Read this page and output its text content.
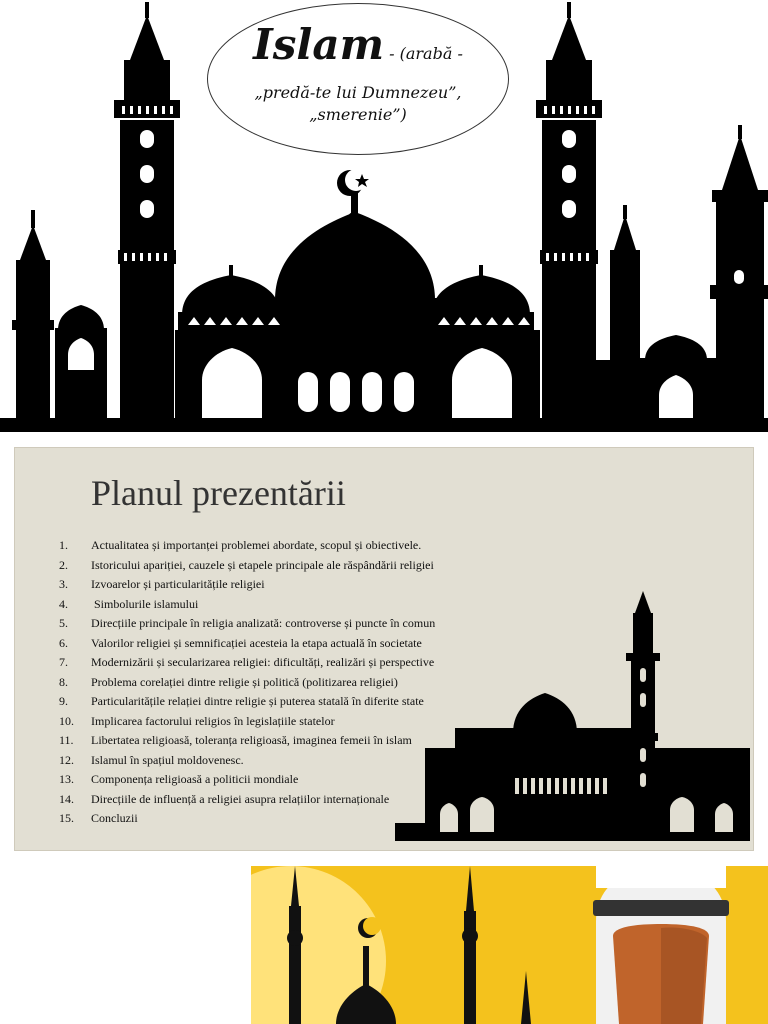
Islam - (arabă -
„predă-te lui Dumnezeu”,
„smerenie”)
Planul prezentării
1. Actualitatea și importanței problemei abordate, scopul și obiectivele.
2. Istoricului apariției, cauzele și etapele principale ale răspândării religiei
3. Izvoarelor și particularitățile religiei
4. Simbolurile islamului
5. Direcțiile principale în religia analizată: controverse și puncte în comun
6. Valorilor religiei și semnificației acesteia la etapa actuală în societate
7. Modernizării și secularizarea religiei: dificultăți, realizări și perspective
8. Problema corelației dintre religie și politică (politizarea religiei)
9. Particularitățile relației dintre religie și puterea statală în diferite state
10. Implicarea factorului religios în legislațiile statelor
11. Libertatea religioasă, toleranța religioasă, imaginea femeii în islam
12. Islamul în spațiul moldovenesc.
13. Componența religioasă a politicii mondiale
14. Direcțiile de influență a religiei asupra relațiilor internaționale
15. Concluzii
